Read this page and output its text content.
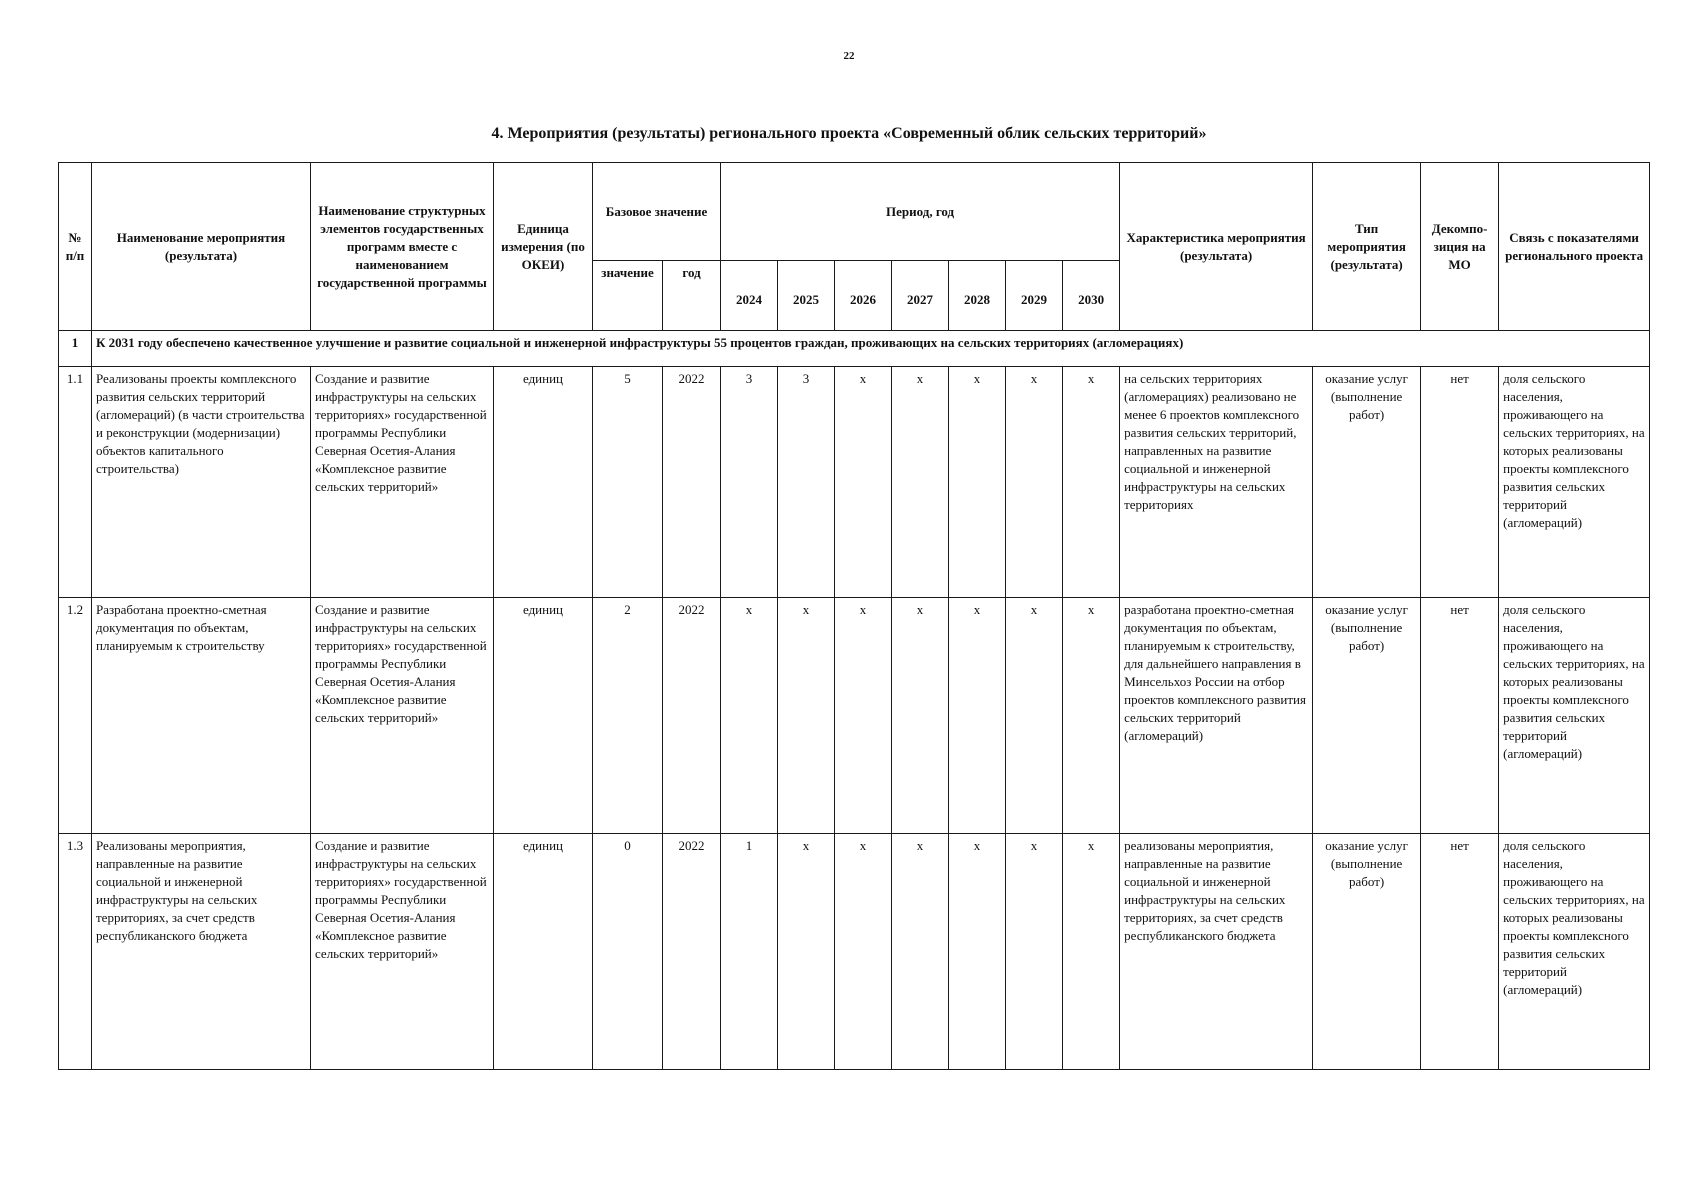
22
4. Мероприятия (результаты) регионального проекта «Современный облик сельских территорий»
№ п/п	Наименование мероприятия (результата)	Наименование структурных элементов государственных программ вместе с наименованием государственной программы	Единица измерения (по ОКЕИ)	Базовое значение		Период, год							Характеристика мероприятия (результата)	Тип мероприятия (результата)	Декомпо-зиция на МО	Связь с показателями регионального проекта
				значение	год	2024	2025	2026	2027	2028	2029	2030				
1	К 2031 году обеспечено качественное улучшение и развитие социальной и инженерной инфраструктуры 55 процентов граждан, проживающих на сельских территориях (агломерациях)															
1.1	Реализованы проекты комплексного развития сельских территорий (агломераций) (в части строительства и реконструкции (модернизации) объектов капитального строительства)	Создание и развитие инфраструктуры на сельских территориях» государственной программы Республики Северная Осетия-Алания «Комплексное развитие сельских территорий»	единиц	5	2022	3	3	x	x	x	x	x	на сельских территориях (агломерациях) реализовано не менее 6 проектов комплексного развития сельских территорий, направленных на развитие социальной и инженерной инфраструктуры на сельских территориях	оказание услуг (выполнение работ)	нет	доля сельского населения, проживающего на сельских территориях, на которых реализованы проекты комплексного развития сельских территорий (агломераций)
1.2	Разработана проектно-сметная документация по объектам, планируемым к строительству	Создание и развитие инфраструктуры на сельских территориях» государственной программы Республики Северная Осетия-Алания «Комплексное развитие сельских территорий»	единиц	2	2022	x	x	x	x	x	x	x	разработана проектно-сметная документация по объектам, планируемым к строительству, для дальнейшего направления в Минсельхоз России на отбор проектов комплексного развития сельских территорий (агломераций)	оказание услуг (выполнение работ)	нет	доля сельского населения, проживающего на сельских территориях, на которых реализованы проекты комплексного развития сельских территорий (агломераций)
1.3	Реализованы мероприятия, направленные на развитие социальной и инженерной инфраструктуры на сельских территориях, за счет средств республиканского бюджета	Создание и развитие инфраструктуры на сельских территориях» государственной программы Республики Северная Осетия-Алания «Комплексное развитие сельских территорий»	единиц	0	2022	1	x	x	x	x	x	x	реализованы мероприятия, направленные на развитие социальной и инженерной инфраструктуры на сельских территориях, за счет средств республиканского бюджета	оказание услуг (выполнение работ)	нет	доля сельского населения, проживающего на сельских территориях, на которых реализованы проекты комплексного развития сельских территорий (агломераций)
